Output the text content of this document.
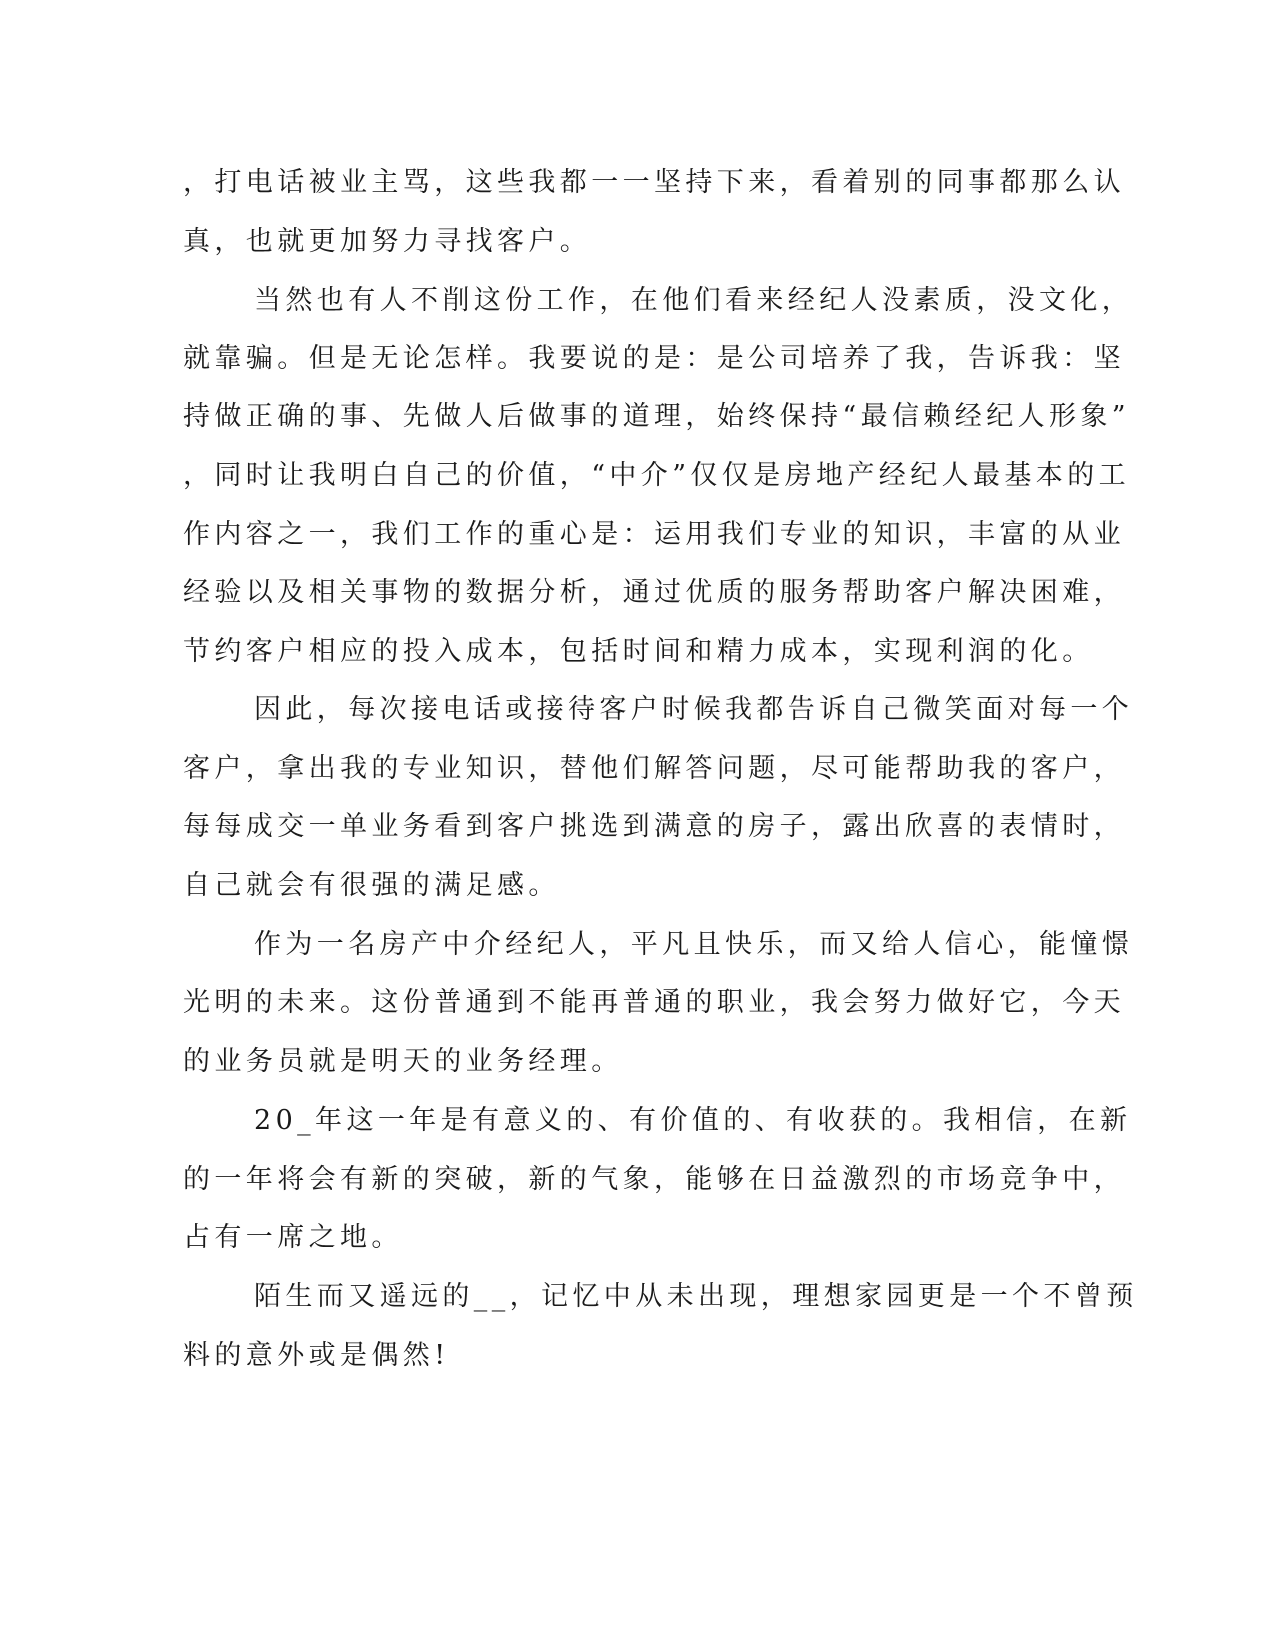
，打电话被业主骂，这些我都一一坚持下来，看着别的同事都那么认
真，也就更加努力寻找客户。
当然也有人不削这份工作，在他们看来经纪人没素质，没文化，
就靠骗。但是无论怎样。我要说的是：是公司培养了我，告诉我：坚
持做正确的事、先做人后做事的道理，始终保持“最信赖经纪人形象”
，同时让我明白自己的价值，“中介”仅仅是房地产经纪人最基本的工
作内容之一，我们工作的重心是：运用我们专业的知识，丰富的从业
经验以及相关事物的数据分析，通过优质的服务帮助客户解决困难，
节约客户相应的投入成本，包括时间和精力成本，实现利润的化。
因此，每次接电话或接待客户时候我都告诉自己微笑面对每一个
客户，拿出我的专业知识，替他们解答问题，尽可能帮助我的客户，
每每成交一单业务看到客户挑选到满意的房子，露出欣喜的表情时，
自己就会有很强的满足感。
作为一名房产中介经纪人，平凡且快乐，而又给人信心，能憧憬
光明的未来。这份普通到不能再普通的职业，我会努力做好它，今天
的业务员就是明天的业务经理。
20_年这一年是有意义的、有价值的、有收获的。我相信，在新
的一年将会有新的突破，新的气象，能够在日益激烈的市场竞争中，
占有一席之地。
陌生而又遥远的__，记忆中从未出现，理想家园更是一个不曾预
料的意外或是偶然!
